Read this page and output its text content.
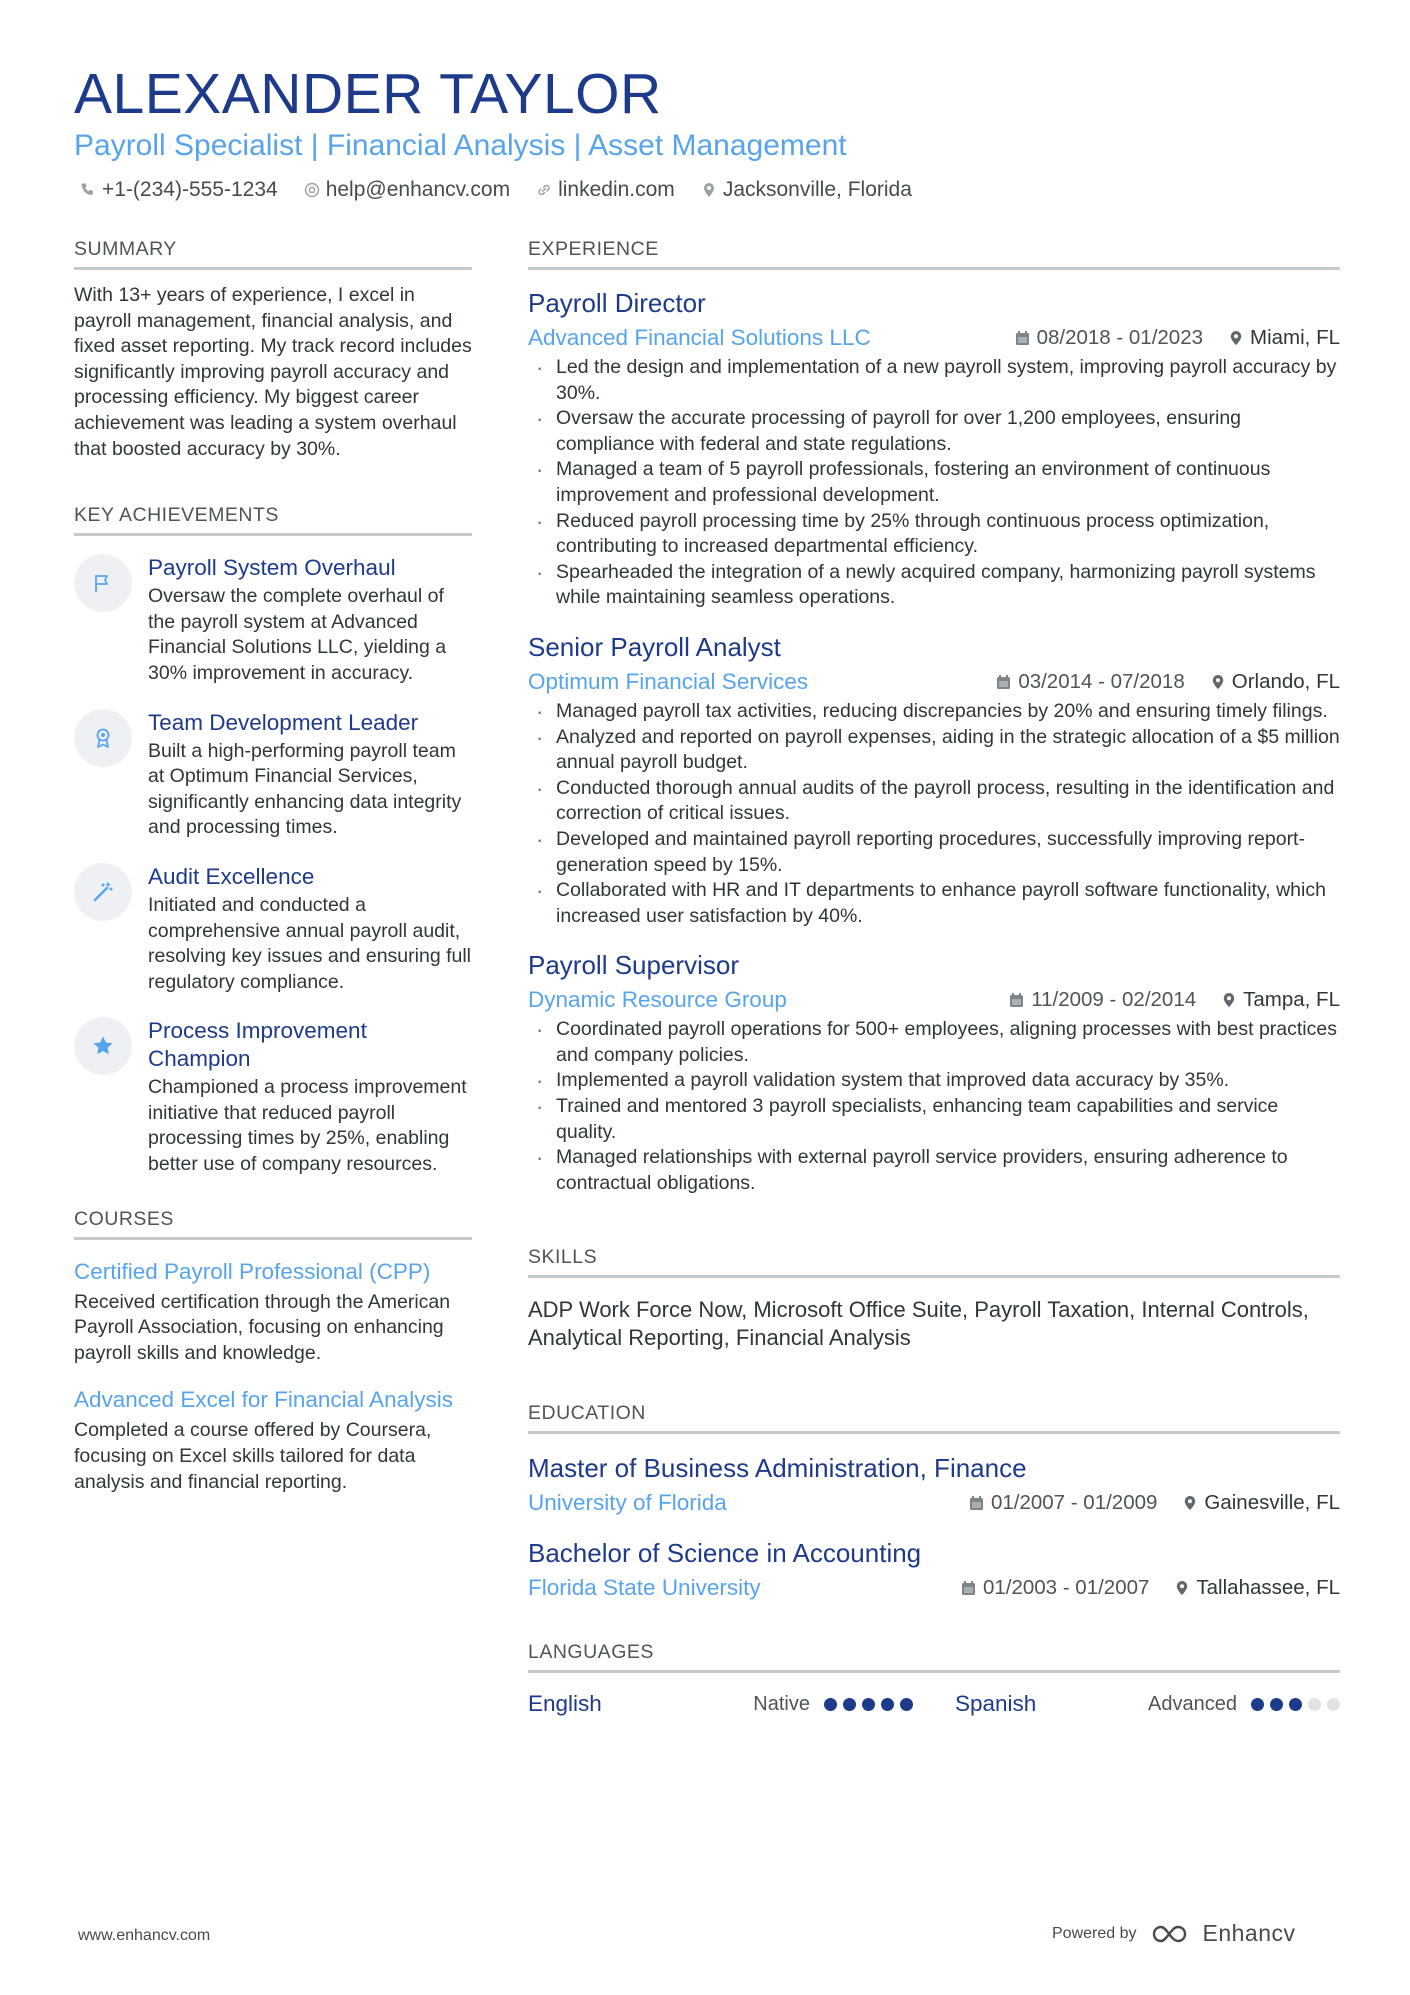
ALEXANDER TAYLOR
Payroll Specialist | Financial Analysis | Asset Management
+1-(234)-555-1234 help@enhancv.com linkedin.com Jacksonville, Florida
SUMMARY
With 13+ years of experience, I excel in payroll management, financial analysis, and fixed asset reporting. My track record includes significantly improving payroll accuracy and processing efficiency. My biggest career achievement was leading a system overhaul that boosted accuracy by 30%.
KEY ACHIEVEMENTS
Payroll System Overhaul
Oversaw the complete overhaul of the payroll system at Advanced Financial Solutions LLC, yielding a 30% improvement in accuracy.
Team Development Leader
Built a high-performing payroll team at Optimum Financial Services, significantly enhancing data integrity and processing times.
Audit Excellence
Initiated and conducted a comprehensive annual payroll audit, resolving key issues and ensuring full regulatory compliance.
Process Improvement Champion
Championed a process improvement initiative that reduced payroll processing times by 25%, enabling better use of company resources.
COURSES
Certified Payroll Professional (CPP)
Received certification through the American Payroll Association, focusing on enhancing payroll skills and knowledge.
Advanced Excel for Financial Analysis
Completed a course offered by Coursera, focusing on Excel skills tailored for data analysis and financial reporting.
EXPERIENCE
Payroll Director
Advanced Financial Solutions LLC	08/2018 - 01/2023 Miami, FL
· Led the design and implementation of a new payroll system, improving payroll accuracy by 30%.
· Oversaw the accurate processing of payroll for over 1,200 employees, ensuring compliance with federal and state regulations.
· Managed a team of 5 payroll professionals, fostering an environment of continuous improvement and professional development.
· Reduced payroll processing time by 25% through continuous process optimization, contributing to increased departmental efficiency.
· Spearheaded the integration of a newly acquired company, harmonizing payroll systems while maintaining seamless operations.
Senior Payroll Analyst
Optimum Financial Services	03/2014 - 07/2018 Orlando, FL
· Managed payroll tax activities, reducing discrepancies by 20% and ensuring timely filings.
· Analyzed and reported on payroll expenses, aiding in the strategic allocation of a $5 million annual payroll budget.
· Conducted thorough annual audits of the payroll process, resulting in the identification and correction of critical issues.
· Developed and maintained payroll reporting procedures, successfully improving report-generation speed by 15%.
· Collaborated with HR and IT departments to enhance payroll software functionality, which increased user satisfaction by 40%.
Payroll Supervisor
Dynamic Resource Group	11/2009 - 02/2014 Tampa, FL
· Coordinated payroll operations for 500+ employees, aligning processes with best practices and company policies.
· Implemented a payroll validation system that improved data accuracy by 35%.
· Trained and mentored 3 payroll specialists, enhancing team capabilities and service quality.
· Managed relationships with external payroll service providers, ensuring adherence to contractual obligations.
SKILLS
ADP Work Force Now, Microsoft Office Suite, Payroll Taxation, Internal Controls, Analytical Reporting, Financial Analysis
EDUCATION
Master of Business Administration, Finance
University of Florida	01/2007 - 01/2009 Gainesville, FL
Bachelor of Science in Accounting
Florida State University	01/2003 - 01/2007 Tallahassee, FL
LANGUAGES
English	Native	Spanish	Advanced
www.enhancv.com	Powered by	Enhancv
